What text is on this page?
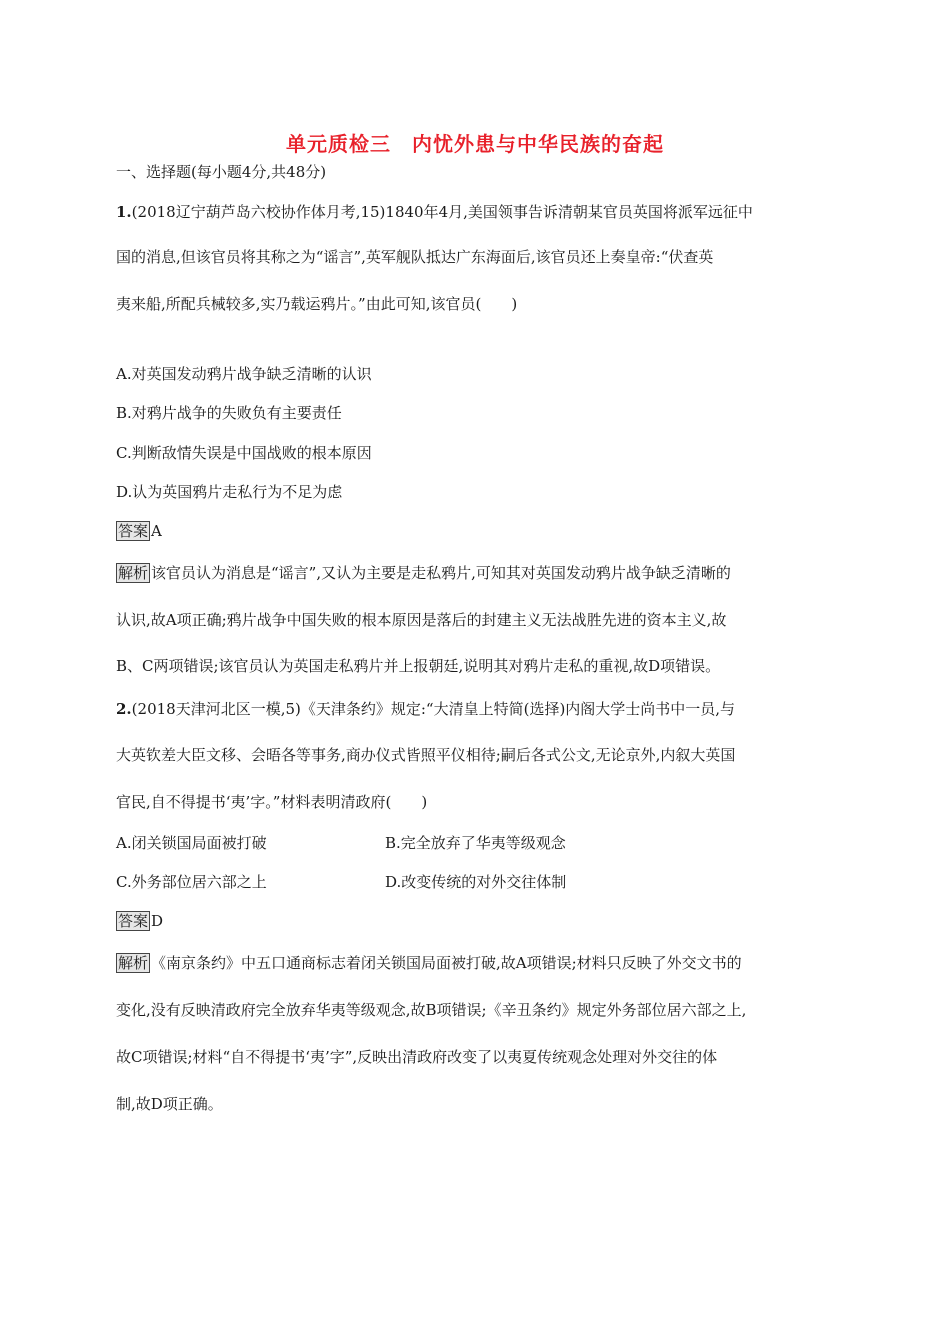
单元质检三　内忧外患与中华民族的奋起
一、选择题(每小题4分,共48分)
1.(2018辽宁葫芦岛六校协作体月考,15)1840年4月,美国领事告诉清朝某官员英国将派军远征中
国的消息,但该官员将其称之为“谣言”,英军舰队抵达广东海面后,该官员还上奏皇帝:“伏查英
夷来船,所配兵械较多,实乃载运鸦片。”由此可知,该官员(　　)
A.对英国发动鸦片战争缺乏清晰的认识
B.对鸦片战争的失败负有主要责任
C.判断敌情失误是中国战败的根本原因
D.认为英国鸦片走私行为不足为虑
答案 A
解析 该官员认为消息是“谣言”,又认为主要是走私鸦片,可知其对英国发动鸦片战争缺乏清晰的
认识,故A项正确;鸦片战争中国失败的根本原因是落后的封建主义无法战胜先进的资本主义,故
B、C两项错误;该官员认为英国走私鸦片并上报朝廷,说明其对鸦片走私的重视,故D项错误。
2.(2018天津河北区一模,5)《天津条约》规定:“大清皇上特简(选择)内阁大学士尚书中一员,与
大英钦差大臣文移、会晤各等事务,商办仪式皆照平仪相待;嗣后各式公文,无论京外,内叙大英国
官民,自不得提书‘夷’字。”材料表明清政府(　　)
A.闭关锁国局面被打破	B.完全放弃了华夷等级观念
C.外务部位居六部之上	D.改变传统的对外交往体制
答案 D
解析 《南京条约》中五口通商标志着闭关锁国局面被打破,故A项错误;材料只反映了外交文书的
变化,没有反映清政府完全放弃华夷等级观念,故B项错误;《辛丑条约》规定外务部位居六部之上,
故C项错误;材料“自不得提书‘夷’字”,反映出清政府改变了以夷夏传统观念处理对外交往的体
制,故D项正确。
